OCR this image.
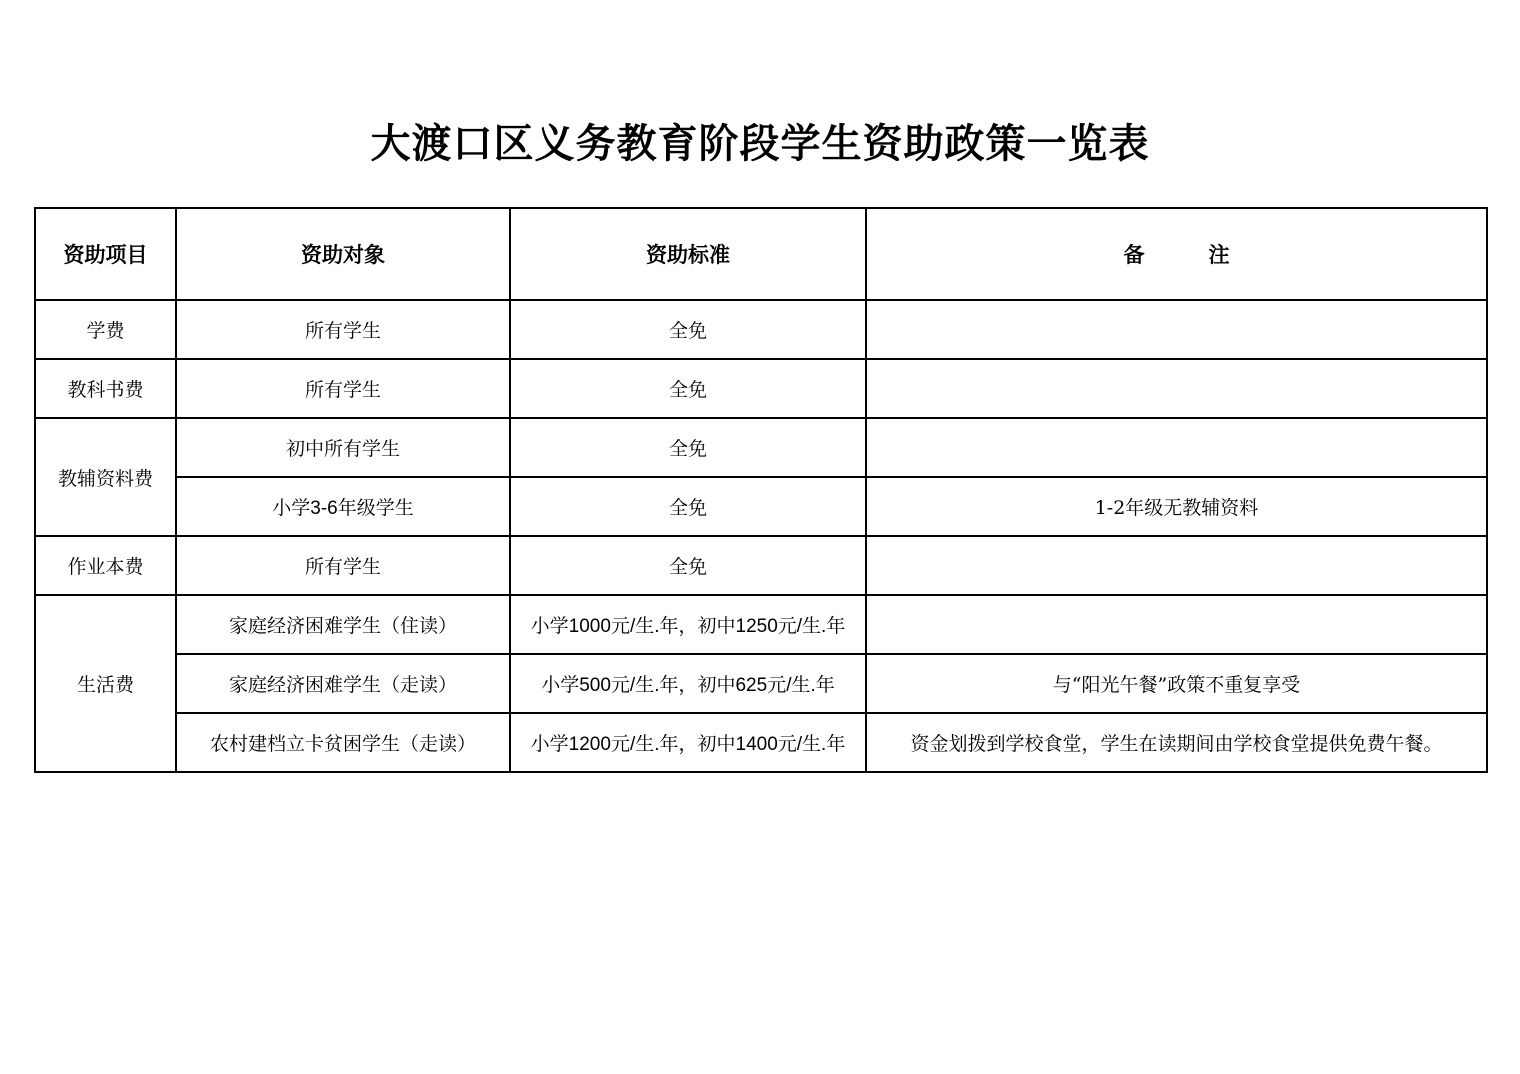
大渡口区义务教育阶段学生资助政策一览表
资助项目	资助对象	资助标准	备 注
学费	所有学生	全免	
教科书费	所有学生	全免	
教辅资料费	初中所有学生	全免	
	小学3-6年级学生	全免	1-2年级无教辅资料
作业本费	所有学生	全免	
生活费	家庭经济困难学生（住读）	小学1000元/生.年，初中1250元/生.年	
	家庭经济困难学生（走读）	小学500元/生.年，初中625元/生.年	与“阳光午餐”政策不重复享受
	农村建档立卡贫困学生（走读）	小学1200元/生.年，初中1400元/生.年	资金划拨到学校食堂，学生在读期间由学校食堂提供免费午餐。
